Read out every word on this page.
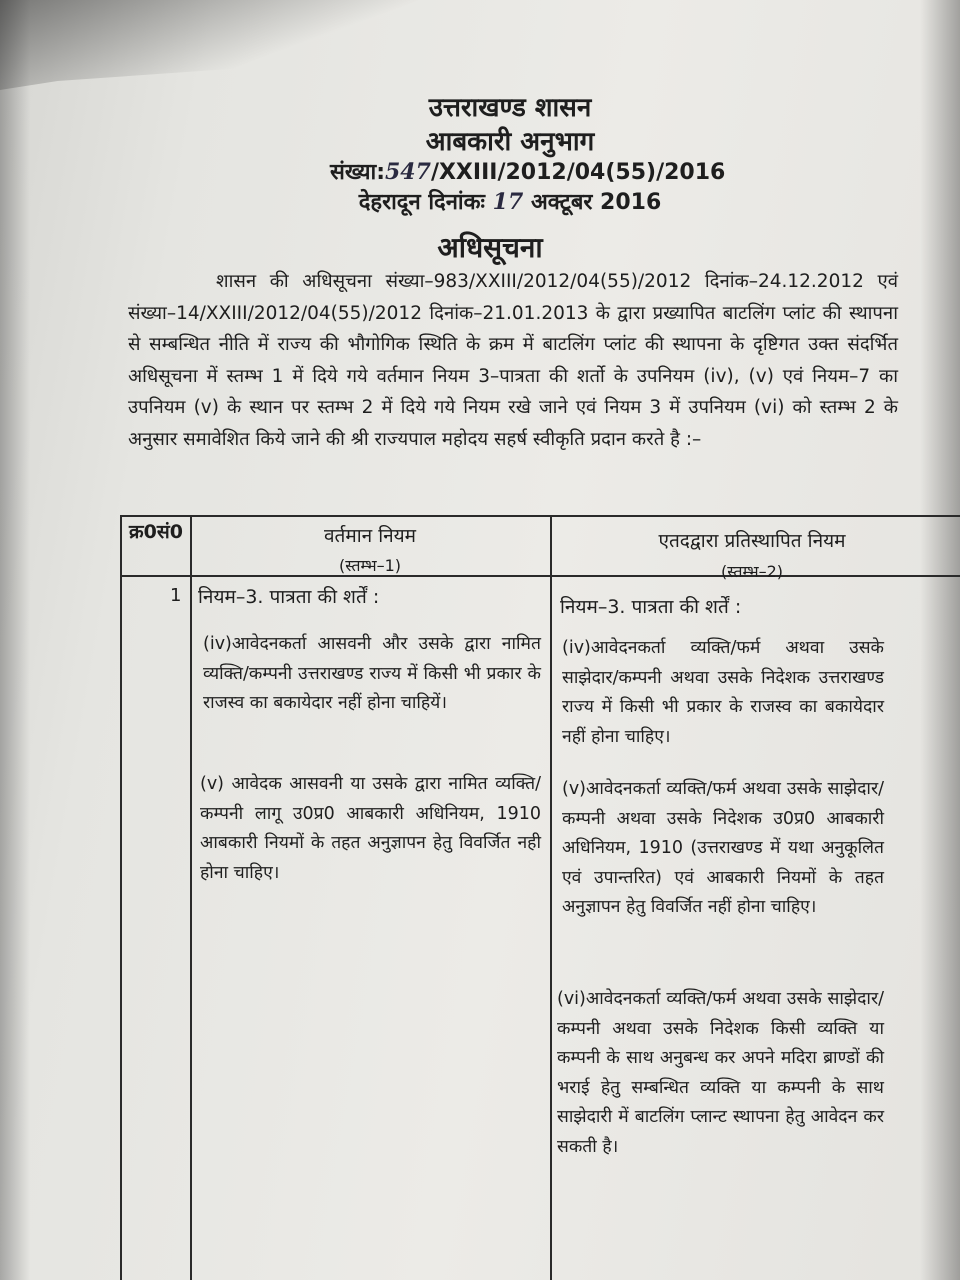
उत्तराखण्ड शासन
आबकारी अनुभाग
संख्या:547/XXIII/2012/04(55)/2016
देहरादून दिनांकः 17 अक्टूबर 2016
अधिसूचना

शासन की अधिसूचना संख्या–983/XXIII/2012/04(55)/2012 दिनांक–24.12.2012 एवं संख्या–14/XXIII/2012/04(55)/2012 दिनांक–21.01.2013 के द्वारा प्रख्यापित बाटलिंग प्लांट की स्थापना से सम्बन्धित नीति में राज्य की भौगोगिक स्थिति के क्रम में बाटलिंग प्लांट की स्थापना के दृष्टिगत उक्त संदर्भित अधिसूचना में स्तम्भ 1 में दिये गये वर्तमान नियम 3–पात्रता की शर्तो के उपनियम (iv), (v) एवं नियम–7 का उपनियम (v) के स्थान पर स्तम्भ 2 में दिये गये नियम रखे जाने एवं नियम 3 में उपनियम (vi) को स्तम्भ 2 के अनुसार समावेशित किये जाने की श्री राज्यपाल महोदय सहर्ष स्वीकृति प्रदान करते है :–

क्र0सं0	वर्तमान नियम
(स्तम्भ–1)
एतदद्वारा प्रतिस्थापित नियम
(स्तम्भ–2)
1 नियम–3. पात्रता की शर्तें :
(iv)आवेदनकर्ता आसवनी और उसके द्वारा नामित व्यक्ति/कम्पनी उत्तराखण्ड राज्य में किसी भी प्रकार के राजस्व का बकायेदार नहीं होना चाहियें।
(v) आवेदक आसवनी या उसके द्वारा नामित व्यक्ति/कम्पनी लागू उ0प्र0 आबकारी अधिनियम, 1910 आबकारी नियमों के तहत अनुज्ञापन हेतु विवर्जित नही होना चाहिए।
नियम–3. पात्रता की शर्तें :
(iv)आवेदनकर्ता व्यक्ति/फर्म अथवा उसके साझेदार/कम्पनी अथवा उसके निदेशक उत्तराखण्ड राज्य में किसी भी प्रकार के राजस्व का बकायेदार नहीं होना चाहिए।
(v)आवेदनकर्ता व्यक्ति/फर्म अथवा उसके साझेदार/कम्पनी अथवा उसके निदेशक उ0प्र0 आबकारी अधिनियम, 1910 (उत्तराखण्ड में यथा अनुकूलित एवं उपान्तरित) एवं आबकारी नियमों के तहत अनुज्ञापन हेतु विवर्जित नहीं होना चाहिए।
(vi)आवेदनकर्ता व्यक्ति/फर्म अथवा उसके साझेदार/कम्पनी अथवा उसके निदेशक किसी व्यक्ति या कम्पनी के साथ अनुबन्ध कर अपने मदिरा ब्राण्डों की भराई हेतु सम्बन्धित व्यक्ति या कम्पनी के साथ साझेदारी में बाटलिंग प्लान्ट स्थापना हेतु आवेदन कर सकती है।
